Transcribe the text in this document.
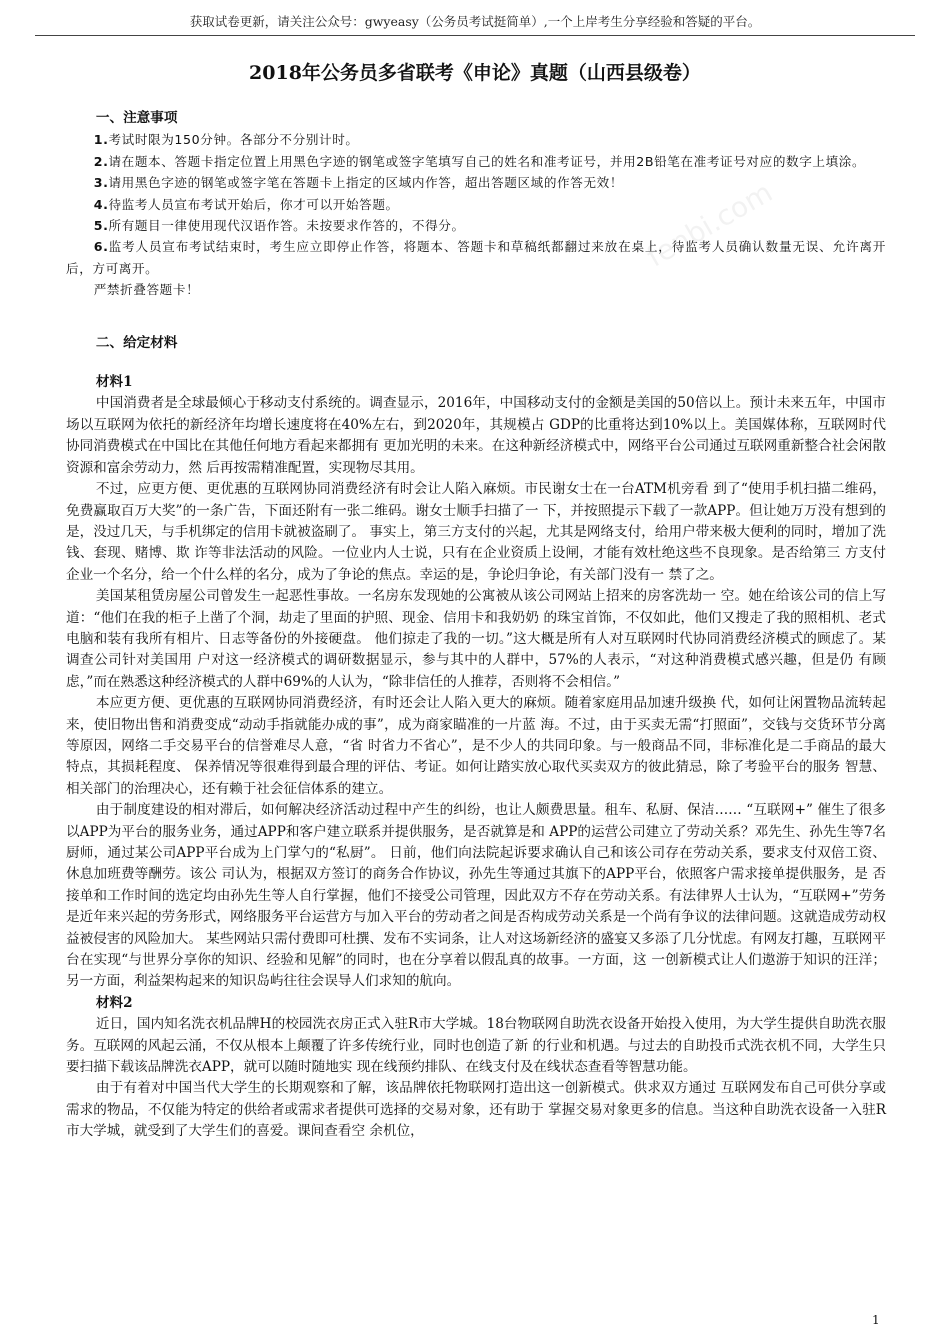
获取试卷更新，请关注公众号：gwyeasy（公务员考试挺简单）,一个上岸考生分享经验和答疑的平台。
fenbi.com
2018年公务员多省联考《申论》真题（山西县级卷）

一、注意事项

1.考试时限为150分钟。各部分不分别计时。

2.请在题本、答题卡指定位置上用黑色字迹的钢笔或签字笔填写自己的姓名和准考证号，并用2B铅笔在准考证号对应的数字上填涂。

3.请用黑色字迹的钢笔或签字笔在答题卡上指定的区域内作答，超出答题区域的作答无效！

4.待监考人员宣布考试开始后，你才可以开始答题。

5.所有题目一律使用现代汉语作答。未按要求作答的，不得分。

6.监考人员宣布考试结束时，考生应立即停止作答，将题本、答题卡和草稿纸都翻过来放在桌上，待监考人员确认数量无误、允许离开后，方可离开。

严禁折叠答题卡！

二、给定材料

材料1

中国消费者是全球最倾心于移动支付系统的。调查显示，2016年，中国移动支付的金额是美国的50倍以上。预计未来五年，中国市场以互联网为依托的新经济年均增长速度将在40%左右，到2020年，其规模占 GDP的比重将达到10%以上。美国媒体称，互联网时代协同消费模式在中国比在其他任何地方看起来都拥有 更加光明的未来。在这种新经济模式中，网络平台公司通过互联网重新整合社会闲散资源和富余劳动力，然 后再按需精准配置，实现物尽其用。

不过，应更方便、更优惠的互联网协同消费经济有时会让人陷入麻烦。市民谢女士在一台ATM机旁看 到了“使用手机扫描二维码，免费赢取百万大奖”的一条广告，下面还附有一张二维码。谢女士顺手扫描了一 下，并按照提示下载了一款APP。但让她万万没有想到的是，没过几天，与手机绑定的信用卡就被盗刷了。 事实上，第三方支付的兴起，尤其是网络支付，给用户带来极大便利的同时，增加了洗钱、套现、赌博、欺 诈等非法活动的风险。一位业内人士说，只有在企业资质上设闸，才能有效杜绝这些不良现象。是否给第三 方支付企业一个名分，给一个什么样的名分，成为了争论的焦点。幸运的是，争论归争论，有关部门没有一 禁了之。

美国某租赁房屋公司曾发生一起恶性事故。一名房东发现她的公寓被从该公司网站上招来的房客洗劫一 空。她在给该公司的信上写道：“他们在我的柜子上凿了个洞，劫走了里面的护照、现金、信用卡和我奶奶 的珠宝首饰，不仅如此，他们又搜走了我的照相机、老式电脑和装有我所有相片、日志等备份的外接硬盘。 他们掠走了我的一切。”这大概是所有人对互联网时代协同消费经济模式的顾虑了。某调查公司针对美国用 户对这一经济模式的调研数据显示，参与其中的人群中，57%的人表示，“对这种消费模式感兴趣，但是仍 有顾虑，”而在熟悉这种经济模式的人群中69%的人认为，“除非信任的人推荐，否则将不会相信。”

本应更方便、更优惠的互联网协同消费经济，有时还会让人陷入更大的麻烦。随着家庭用品加速升级换 代，如何让闲置物品流转起来，使旧物出售和消费变成“动动手指就能办成的事”，成为商家瞄准的一片蓝 海。不过，由于买卖无需“打照面”，交钱与交货环节分离等原因，网络二手交易平台的信誉难尽人意，“省 时省力不省心”，是不少人的共同印象。与一般商品不同，非标准化是二手商品的最大特点，其损耗程度、 保养情况等很难得到最合理的评估、考证。如何让踏实放心取代买卖双方的彼此猜忌，除了考验平台的服务 智慧、相关部门的治理决心，还有赖于社会征信体系的建立。

由于制度建设的相对滞后，如何解决经济活动过程中产生的纠纷，也让人颇费思量。租车、私厨、保洁…… “互联网+” 催生了很多以APP为平台的服务业务，通过APP和客户建立联系并提供服务，是否就算是和 APP的运营公司建立了劳动关系？邓先生、孙先生等7名厨师，通过某公司APP平台成为上门掌勺的“私厨”。 日前，他们向法院起诉要求确认自己和该公司存在劳动关系，要求支付双倍工资、休息加班费等酬劳。该公 司认为，根据双方签订的商务合作协议，孙先生等通过其旗下的APP平台，依照客户需求接单提供服务，是 否接单和工作时间的选定均由孙先生等人自行掌握，他们不接受公司管理，因此双方不存在劳动关系。有法律界人士认为，“互联网+”劳务是近年来兴起的劳务形式，网络服务平台运营方与加入平台的劳动者之间是否构成劳动关系是一个尚有争议的法律问题。这就造成劳动权益被侵害的风险加大。 某些网站只需付费即可杜撰、发布不实词条，让人对这场新经济的盛宴又多添了几分忧虑。有网友打趣，互联网平台在实现“与世界分享你的知识、经验和见解”的同时，也在分享着以假乱真的故事。一方面，这 一创新模式让人们遨游于知识的汪洋；另一方面，利益架构起来的知识岛屿往往会误导人们求知的航向。

材料2

近日，国内知名洗衣机品牌H的校园洗衣房正式入驻R市大学城。18台物联网自助洗衣设备开始投入使用，为大学生提供自助洗衣服务。互联网的风起云涌，不仅从根本上颠覆了许多传统行业，同时也创造了新 的行业和机遇。与过去的自助投币式洗衣机不同，大学生只要扫描下载该品牌洗衣APP，就可以随时随地实 现在线预约排队、在线支付及在线状态查看等智慧功能。

由于有着对中国当代大学生的长期观察和了解，该品牌依托物联网打造出这一创新模式。供求双方通过 互联网发布自己可供分享或需求的物品，不仅能为特定的供给者或需求者提供可选择的交易对象，还有助于 掌握交易对象更多的信息。当这种自助洗衣设备一入驻R市大学城，就受到了大学生们的喜爱。课间查看空 余机位，

1
